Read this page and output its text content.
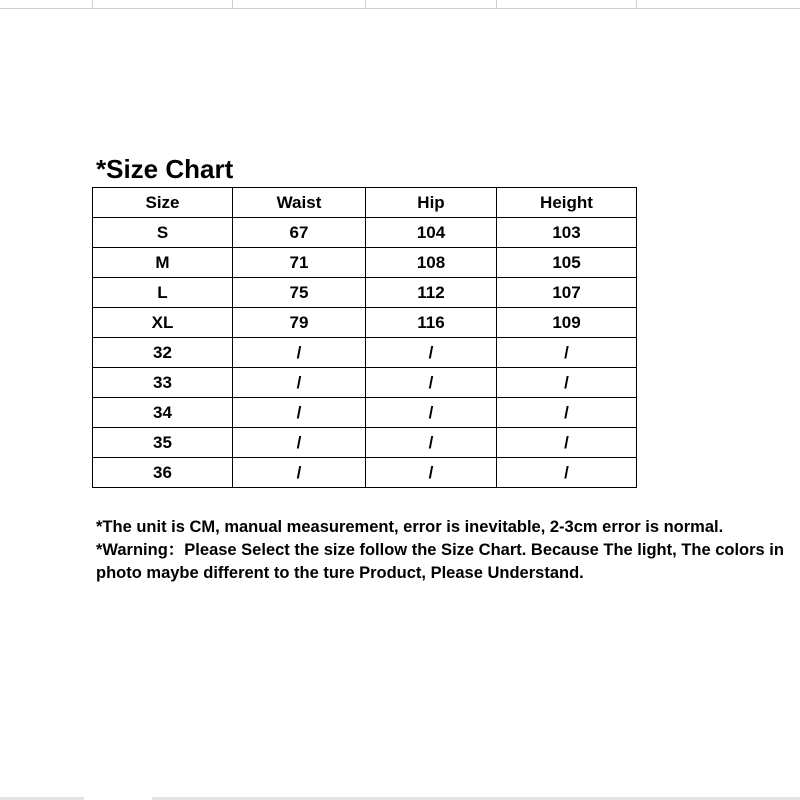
*Size Chart
Size	Waist	Hip	Height
S	67	104	103
M	71	108	105
L	75	112	107
XL	79	116	109
32	/	/	/
33	/	/	/
34	/	/	/
35	/	/	/
36	/	/	/

*The unit is CM, manual measurement, error is inevitable, 2-3cm error is normal.

*Warning：Please Select the size follow the Size Chart. Because The light, The colors in photo maybe different to the ture Product, Please Understand.
